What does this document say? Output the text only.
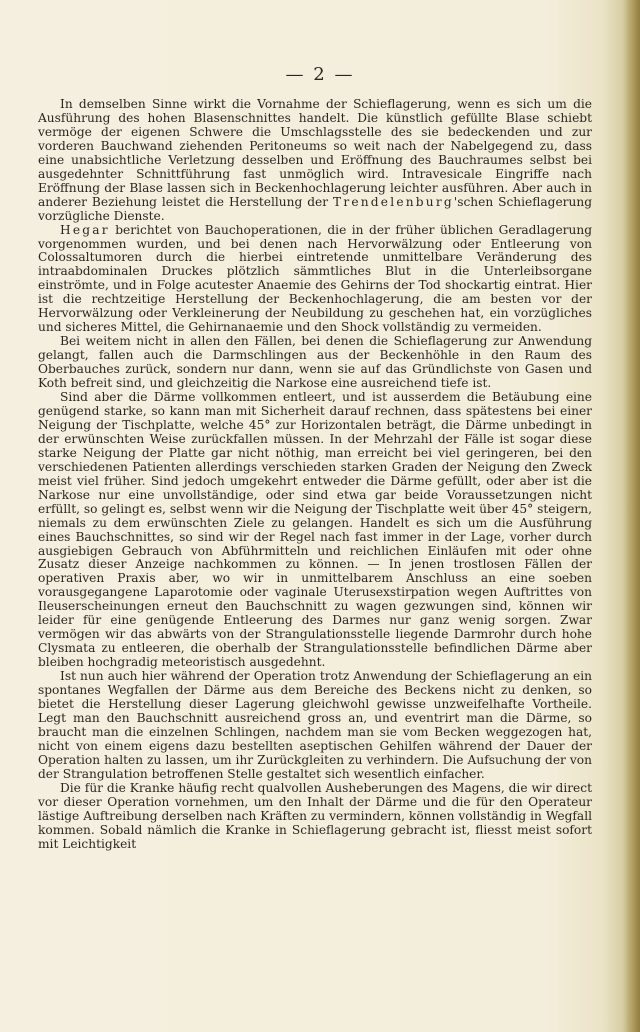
— 2 —

In demselben Sinne wirkt die Vornahme der Schieflagerung, wenn es sich um die Ausführung des hohen Blasenschnittes handelt. Die künstlich gefüllte Blase schiebt vermöge der eigenen Schwere die Umschlagsstelle des sie bedeckenden und zur vorderen Bauchwand ziehenden Peritoneums so weit nach der Nabelgegend zu, dass eine unabsichtliche Verletzung desselben und Eröffnung des Bauchraumes selbst bei ausgedehnter Schnittführung fast unmöglich wird. Intravesicale Eingriffe nach Eröffnung der Blase lassen sich in Beckenhochlagerung leichter ausführen. Aber auch in anderer Beziehung leistet die Herstellung der Trendelenburg'schen Schieflagerung vorzügliche Dienste.

Hegar berichtet von Bauchoperationen, die in der früher üblichen Geradlagerung vorgenommen wurden, und bei denen nach Hervorwälzung oder Entleerung von Colossaltumoren durch die hierbei eintretende unmittelbare Veränderung des intraabdominalen Druckes plötzlich sämmtliches Blut in die Unterleibsorgane einströmte, und in Folge acutester Anaemie des Gehirns der Tod shockartig eintrat. Hier ist die rechtzeitige Herstellung der Beckenhochlagerung, die am besten vor der Hervorwälzung oder Verkleinerung der Neubildung zu geschehen hat, ein vorzügliches und sicheres Mittel, die Gehirnanaemie und den Shock vollständig zu vermeiden.

Bei weitem nicht in allen den Fällen, bei denen die Schieflagerung zur Anwendung gelangt, fallen auch die Darmschlingen aus der Beckenhöhle in den Raum des Oberbauches zurück, sondern nur dann, wenn sie auf das Gründlichste von Gasen und Koth befreit sind, und gleichzeitig die Narkose eine ausreichend tiefe ist.

Sind aber die Därme vollkommen entleert, und ist ausserdem die Betäubung eine genügend starke, so kann man mit Sicherheit darauf rechnen, dass spätestens bei einer Neigung der Tischplatte, welche 45° zur Horizontalen beträgt, die Därme unbedingt in der erwünschten Weise zurückfallen müssen. In der Mehrzahl der Fälle ist sogar diese starke Neigung der Platte gar nicht nöthig, man erreicht bei viel geringeren, bei den verschiedenen Patienten allerdings verschieden starken Graden der Neigung den Zweck meist viel früher. Sind jedoch umgekehrt entweder die Därme gefüllt, oder aber ist die Narkose nur eine unvollständige, oder sind etwa gar beide Voraussetzungen nicht erfüllt, so gelingt es, selbst wenn wir die Neigung der Tischplatte weit über 45° steigern, niemals zu dem erwünschten Ziele zu gelangen. Handelt es sich um die Ausführung eines Bauchschnittes, so sind wir der Regel nach fast immer in der Lage, vorher durch ausgiebigen Gebrauch von Abführmitteln und reichlichen Einläufen mit oder ohne Zusatz dieser Anzeige nachkommen zu können. — In jenen trostlosen Fällen der operativen Praxis aber, wo wir in unmittelbarem Anschluss an eine soeben vorausgegangene Laparotomie oder vaginale Uterusexstirpation wegen Auftrittes von Ileuserscheinungen erneut den Bauchschnitt zu wagen gezwungen sind, können wir leider für eine genügende Entleerung des Darmes nur ganz wenig sorgen. Zwar vermögen wir das abwärts von der Strangulationsstelle liegende Darmrohr durch hohe Clysmata zu entleeren, die oberhalb der Strangulationsstelle befindlichen Därme aber bleiben hochgradig meteoristisch ausgedehnt.

Ist nun auch hier während der Operation trotz Anwendung der Schieflagerung an ein spontanes Wegfallen der Därme aus dem Bereiche des Beckens nicht zu denken, so bietet die Herstellung dieser Lagerung gleichwohl gewisse unzweifelhafte Vortheile. Legt man den Bauchschnitt ausreichend gross an, und eventrirt man die Därme, so braucht man die einzelnen Schlingen, nachdem man sie vom Becken weggezogen hat, nicht von einem eigens dazu bestellten aseptischen Gehilfen während der Dauer der Operation halten zu lassen, um ihr Zurückgleiten zu verhindern. Die Aufsuchung der von der Strangulation betroffenen Stelle gestaltet sich wesentlich einfacher.

Die für die Kranke häufig recht qualvollen Ausheberungen des Magens, die wir direct vor dieser Operation vornehmen, um den Inhalt der Därme und die für den Operateur lästige Auftreibung derselben nach Kräften zu vermindern, können vollständig in Wegfall kommen. Sobald nämlich die Kranke in Schieflagerung gebracht ist, fliesst meist sofort mit Leichtigkeit
